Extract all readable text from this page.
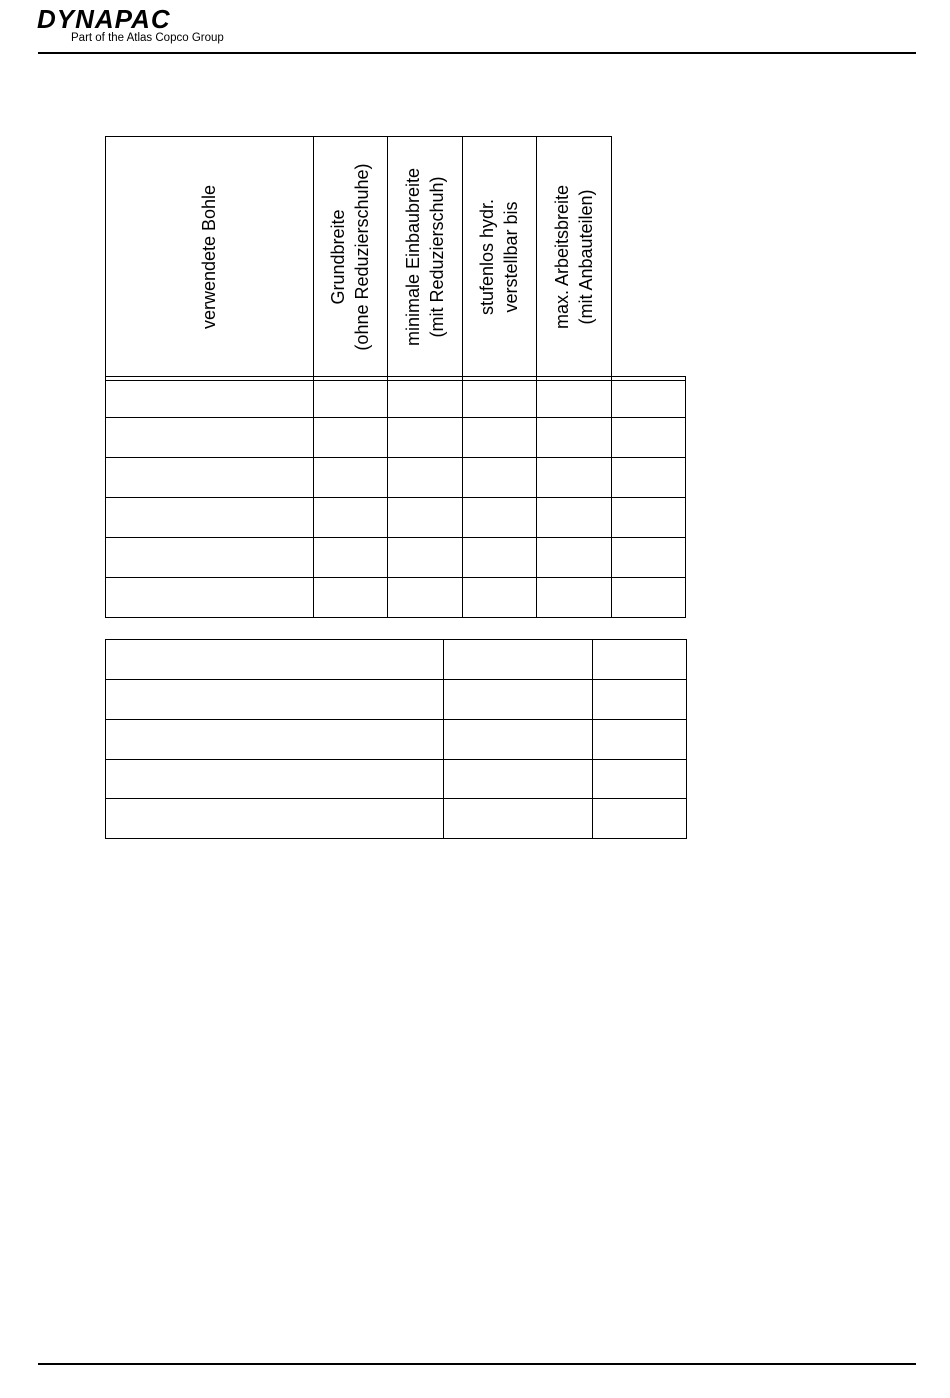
DYNAPAC
Part of the Atlas Copco Group
verwendete Bohle	Grundbreite (ohne Reduzierschuhe) minimale Einbaubreite (mit Reduzierschuh) stufenlos hydr. verstellbar bis max. Arbeitsbreite (mit Anbauteilen)
